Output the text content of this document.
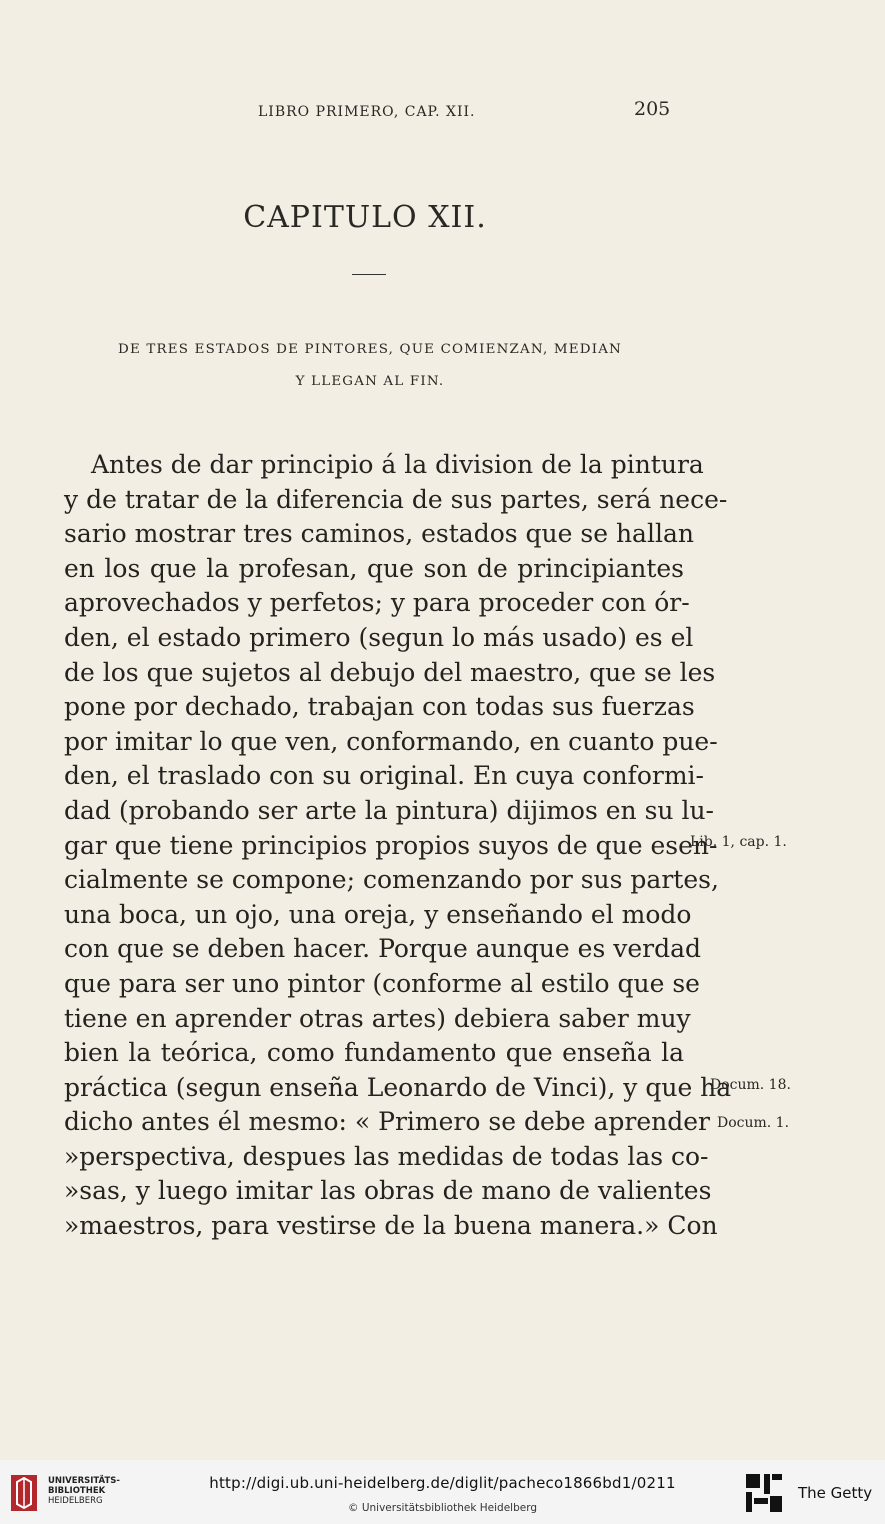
LIBRO PRIMERO, CAP. XII.	205
CAPITULO XII.
DE TRES ESTADOS DE PINTORES, QUE COMIENZAN, MEDIAN
Y LLEGAN AL FIN.
Antes de dar principio á la division de la pintura
y de tratar de la diferencia de sus partes, será nece-
sario mostrar tres caminos, estados que se hallan
en los que la profesan, que son de principiantes
aprovechados y perfetos; y para proceder con ór-
den, el estado primero (segun lo más usado) es el
de los que sujetos al debujo del maestro, que se les
pone por dechado, trabajan con todas sus fuerzas
por imitar lo que ven, conformando, en cuanto pue-
den, el traslado con su original. En cuya conformi-
dad (probando ser arte la pintura) dijimos en su lu-
gar que tiene principios propios suyos de que esen-
cialmente se compone; comenzando por sus partes,
una boca, un ojo, una oreja, y enseñando el modo
con que se deben hacer. Porque aunque es verdad
que para ser uno pintor (conforme al estilo que se
tiene en aprender otras artes) debiera saber muy
bien la teórica, como fundamento que enseña la
práctica (segun enseña Leonardo de Vinci), y que ha
dicho antes él mesmo: « Primero se debe aprender
»perspectiva, despues las medidas de todas las co-
»sas, y luego imitar las obras de mano de valientes
»maestros, para vestirse de la buena manera.» Con
Lib. 1, cap. 1.
Docum. 18.
Docum. 1.
UNIVERSITÄTS-
BIBLIOTHEK
HEIDELBERG
http://digi.ub.uni-heidelberg.de/diglit/pacheco1866bd1/0211
© Universitätsbibliothek Heidelberg
The Getty
